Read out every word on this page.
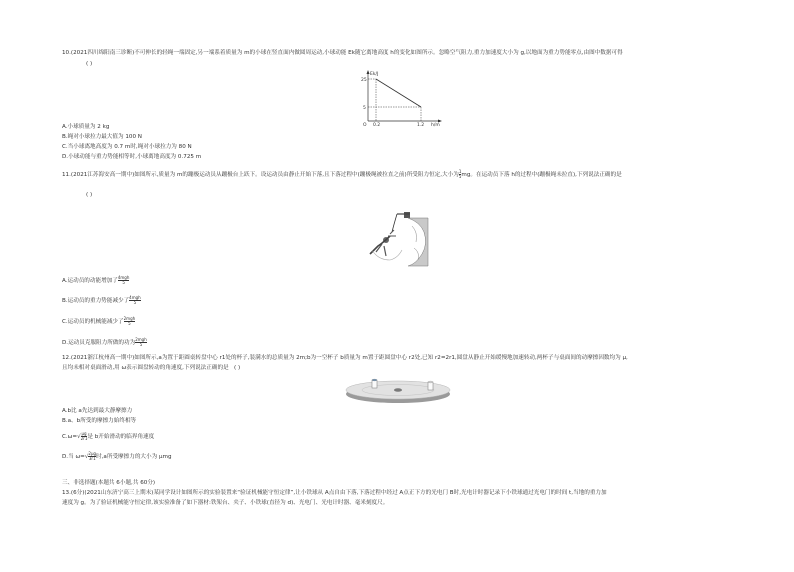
10.(2021四川绵阳南三诊断)不可伸长的轻绳一端固定,另一端系着质量为 m的小球在竖直面内做圆周运动,小球动能 Ek随它离地高度 h的变化如图所示。忽略空气阻力,重力加速度大小为 g,以地面为重力势能零点,由图中数据可得
( )
Ek/J
25
5
O 0.2	1.2 h/m
A.小球质量为 2 kg
B.绳对小球拉力最大值为 100 N
C.当小球离地高度为 0.7 m时,绳对小球拉力为 80 N
D.小球动能与重力势能相等时,小球离地高度为 0.725 m
11.(2021江苏海安高一期中)如图所示,质量为 m的蹦极运动员从蹦极台上跃下。设运动员由静止开始下落,且下落过程中(蹦极绳被拉直之前)所受阻力恒定,大小为 $\frac{1}{5}$ mg。在运动员下落 h的过程中(蹦极绳未拉直),下列说法正确的是
( )
A.运动员的动能增加了 $\frac{\text{4mgh}}{5}$
B.运动员的重力势能减少了 $\frac{\text{4mgh}}{5}$
C.运动员的机械能减少了 $\frac{\text{2mgh}}{5}$
D.运动员克服阻力所做的功为 $\frac{\text{2mgh}}{5}$
12.(2021浙江杭州高一期中)如图所示,a为置于距圆桌转盘中心 r1处的杯子,装满水的总质量为 2m;b为一空杯子 b质量为 m置于距圆盘中心 r2处,已知 r2=2r1,圆盘从静止开始缓慢地加速转动,两杯子与桌面间的动摩擦因数均为 μ,
且均未相对桌面滑动,用 ω表示圆盘转动的角速度,下列说法正确的是 ( )
A.b比 a先达到最大静摩擦力
B.a、b所受的摩擦力始终相等
$C.\omega=√ \frac{\mu g}{2r1}$ 是 b开始滑动的临界角速度
D.当 $\omega=√ \frac{2\mu g}{3r1}$ 时,a所受摩擦力的大小为 μmg
三、非选择题(本题共 6小题,共 60分)
13.(6分)(2021山东济宁高三上期末)某同学设计如图所示的实验装置来“验证机械能守恒定律”,让小铁球从 A点自由下落,下落过程中经过 A点正下方的光电门 B时,光电计时器记录下小铁球通过光电门的时间 t,当地的重力加
速度为 g。为了验证机械能守恒定律,该实验准备了如下器材:铁架台、夹子、小铁球(直径为 d)、光电门、光电计时器、毫米刻度尺。
